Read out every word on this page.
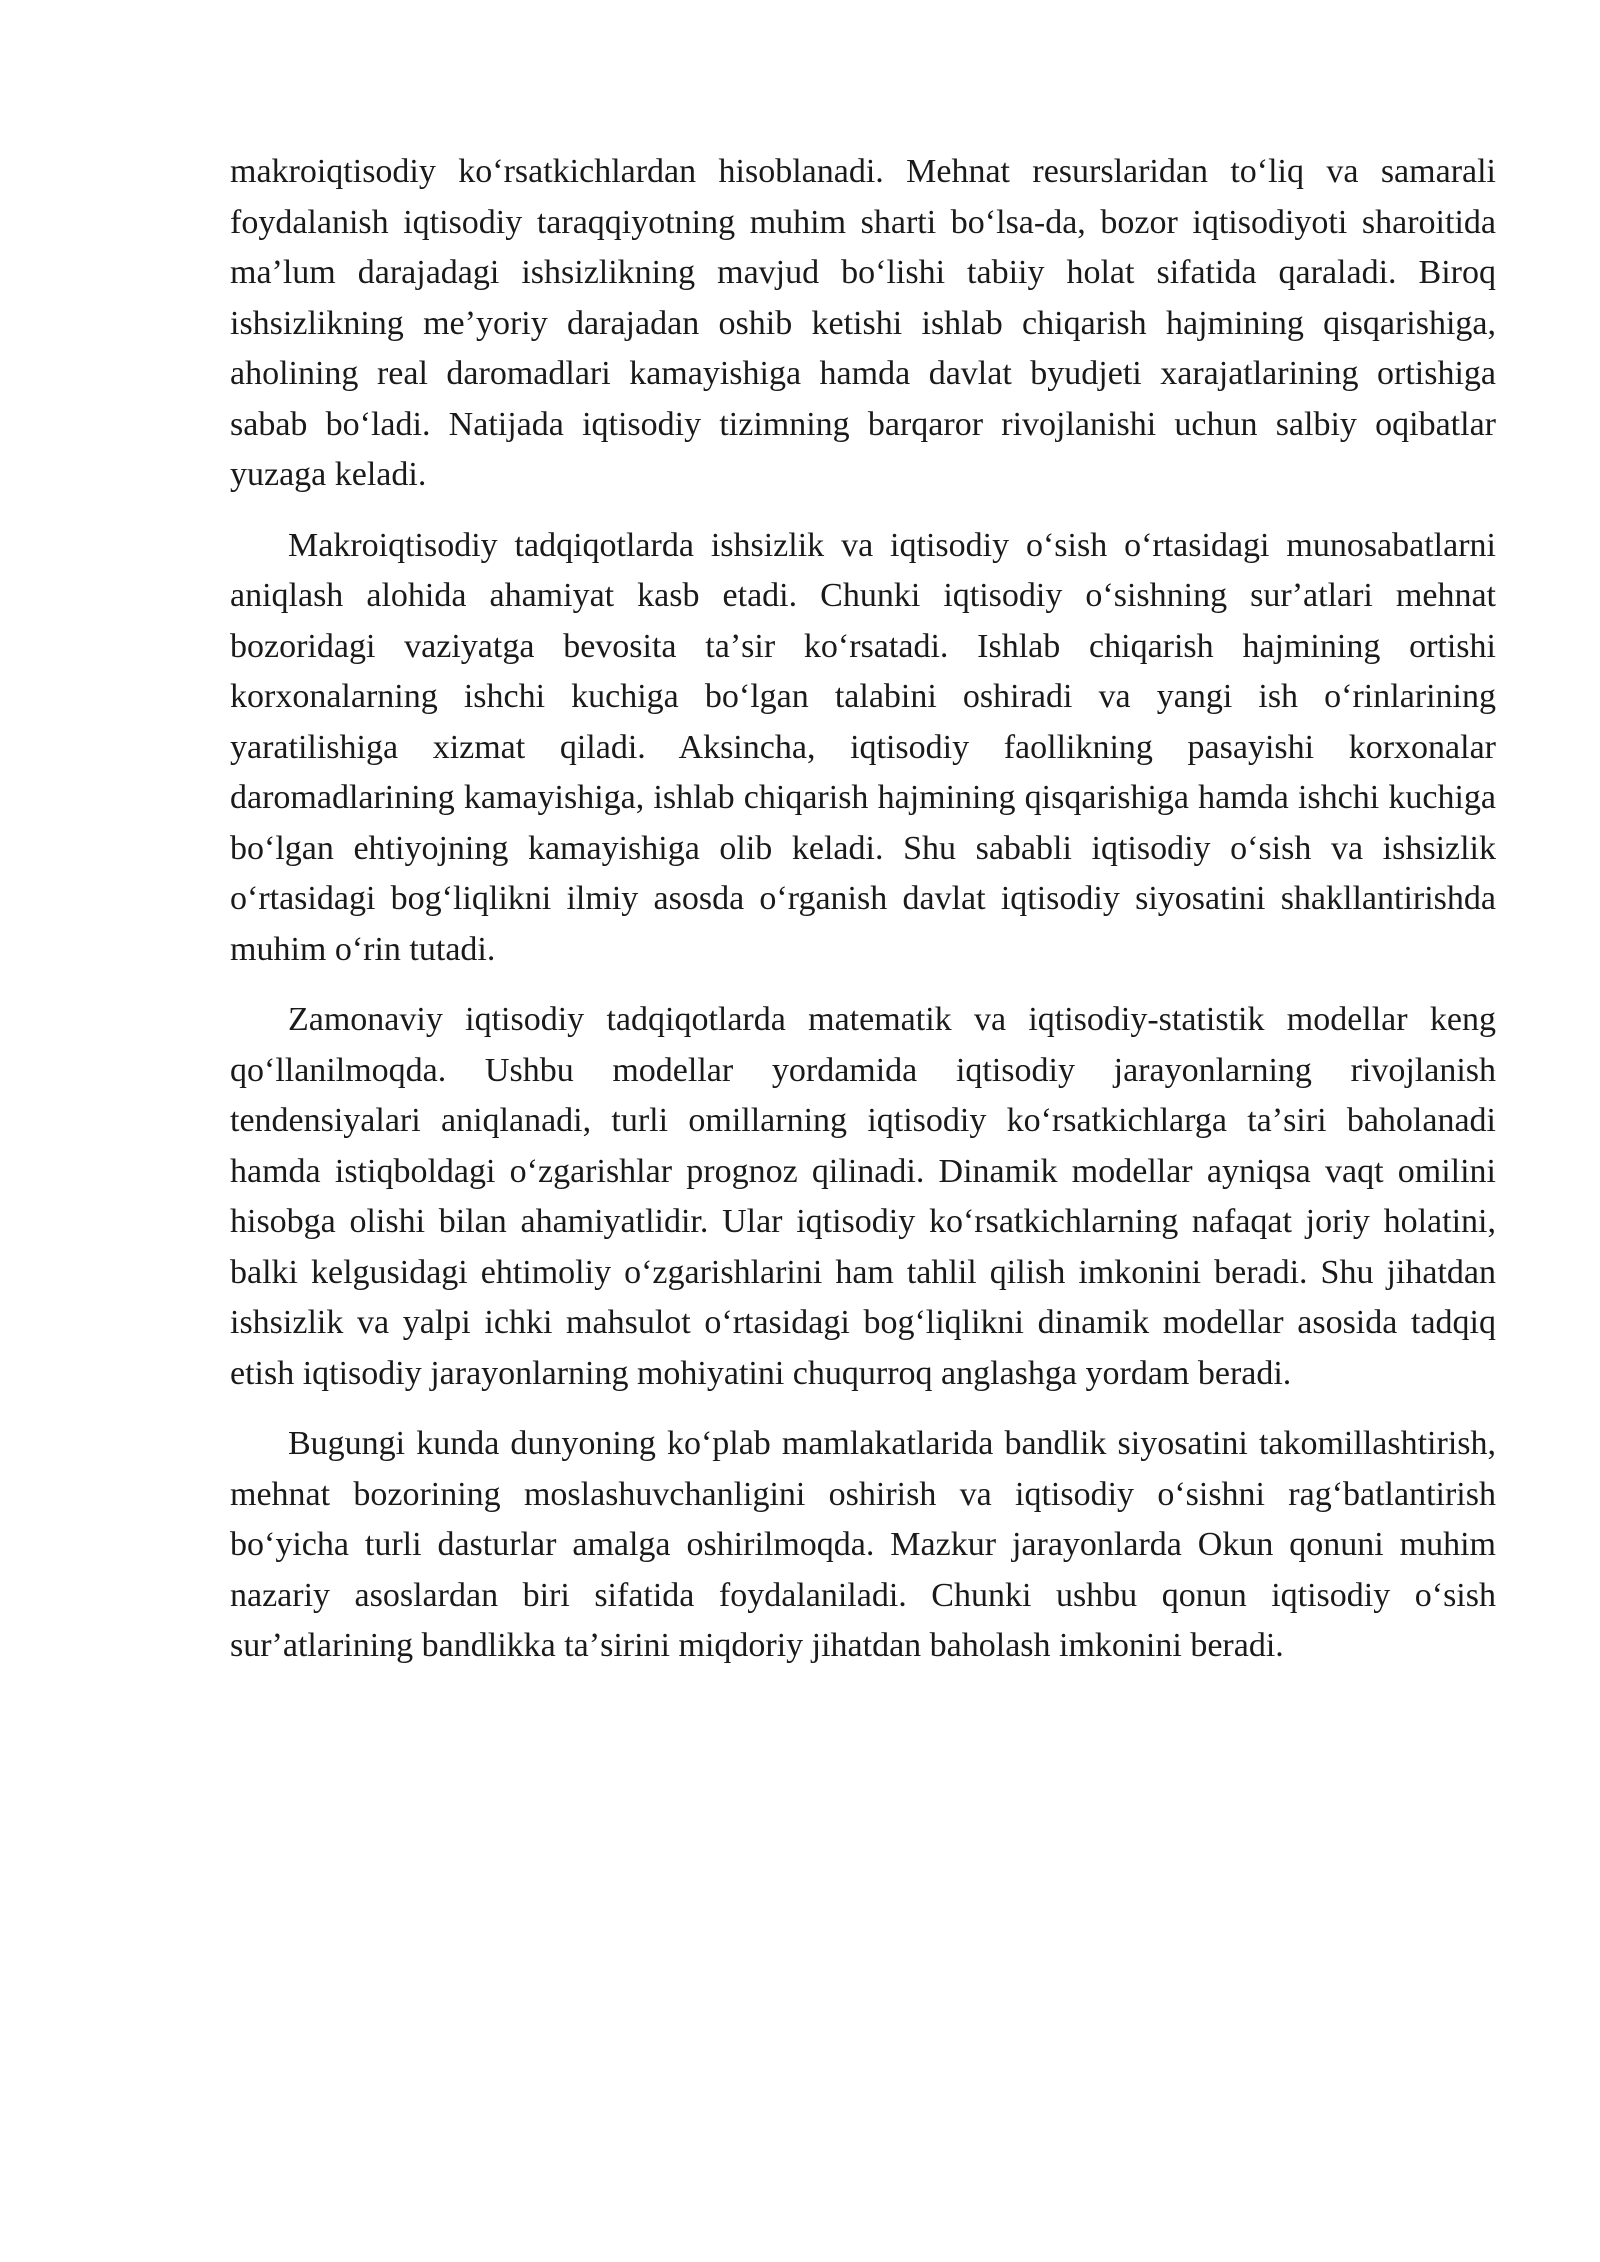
makroiqtisodiy koʻrsatkichlardan hisoblanadi. Mehnat resurslaridan toʻliq va samarali foydalanish iqtisodiy taraqqiyotning muhim sharti boʻlsa-da, bozor iqtisodiyoti sharoitida maʼlum darajadagi ishsizlikning mavjud boʻlishi tabiiy holat sifatida qaraladi. Biroq ishsizlikning meʼyoriy darajadan oshib ketishi ishlab chiqarish hajmining qisqarishiga, aholining real daromadlari kamayishiga hamda davlat byudjeti xarajatlarining ortishiga sabab boʻladi. Natijada iqtisodiy tizimning barqaror rivojlanishi uchun salbiy oqibatlar yuzaga keladi.

Makroiqtisodiy tadqiqotlarda ishsizlik va iqtisodiy oʻsish oʻrtasidagi munosabatlarni aniqlash alohida ahamiyat kasb etadi. Chunki iqtisodiy oʻsishning surʼatlari mehnat bozoridagi vaziyatga bevosita taʼsir koʻrsatadi. Ishlab chiqarish hajmining ortishi korxonalarning ishchi kuchiga boʻlgan talabini oshiradi va yangi ish oʻrinlarining yaratilishiga xizmat qiladi. Aksincha, iqtisodiy faollikning pasayishi korxonalar daromadlarining kamayishiga, ishlab chiqarish hajmining qisqarishiga hamda ishchi kuchiga boʻlgan ehtiyojning kamayishiga olib keladi. Shu sababli iqtisodiy oʻsish va ishsizlik oʻrtasidagi bogʻliqlikni ilmiy asosda oʻrganish davlat iqtisodiy siyosatini shakllantirishda muhim oʻrin tutadi.

Zamonaviy iqtisodiy tadqiqotlarda matematik va iqtisodiy-statistik modellar keng qoʻllanilmoqda. Ushbu modellar yordamida iqtisodiy jarayonlarning rivojlanish tendensiyalari aniqlanadi, turli omillarning iqtisodiy koʻrsatkichlarga taʼsiri baholanadi hamda istiqboldagi oʻzgarishlar prognoz qilinadi. Dinamik modellar ayniqsa vaqt omilini hisobga olishi bilan ahamiyatlidir. Ular iqtisodiy koʻrsatkichlarning nafaqat joriy holatini, balki kelgusidagi ehtimoliy oʻzgarishlarini ham tahlil qilish imkonini beradi. Shu jihatdan ishsizlik va yalpi ichki mahsulot oʻrtasidagi bogʻliqlikni dinamik modellar asosida tadqiq etish iqtisodiy jarayonlarning mohiyatini chuqurroq anglashga yordam beradi.

Bugungi kunda dunyoning koʻplab mamlakatlarida bandlik siyosatini takomillashtirish, mehnat bozorining moslashuvchanligini oshirish va iqtisodiy oʻsishni ragʻbatlantirish boʻyicha turli dasturlar amalga oshirilmoqda. Mazkur jarayonlarda Okun qonuni muhim nazariy asoslardan biri sifatida foydalaniladi. Chunki ushbu qonun iqtisodiy oʻsish surʼatlarining bandlikka taʼsirini miqdoriy jihatdan baholash imkonini beradi.
